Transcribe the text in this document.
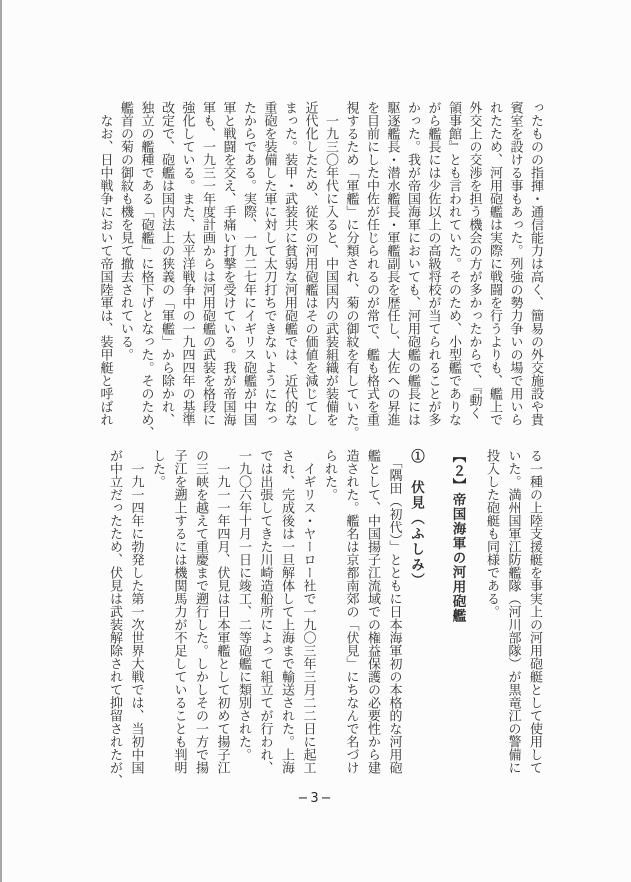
ったものの指揮・通信能力は高く、簡易の外交施設や貴
賓室を設ける事もあった。列強の勢力争いの場で用いら
れたため、河用砲艦は実際に戦闘を行うよりも、艦上で
外交上の交渉を担う機会の方が多かったからで、『動く
領事館』とも言われていた。そのため、小型艦でありな
がら艦長には少佐以上の高級将校が当てられることが多
かった。我が帝国海軍においても、河用砲艦の艦長には
駆逐艦長・潜水艦長・軍艦副長を歴任し、大佐への昇進
を目前にした中佐が任じられるのが常で、艦も格式を重
視するため「軍艦」に分類され、菊の御紋を有していた。
　一九三〇年代に入ると、中国国内の武装組織が装備を
近代化したため、従来の河用砲艦はその価値を減じてし
まった。装甲・武装共に貧弱な河用砲艦では、近代的な
重砲を装備した軍に対して太刀打ちできないようになっ
たからである。実際、一九二七年にイギリス砲艦が中国
軍と戦闘を交え、手痛い打撃を受けている。我が帝国海
軍も、一九三一年度計画からは河用砲艦の武装を格段に
強化している。また、太平洋戦争中の一九四四年の基準
改定で、砲艦は国内法上の狭義の「軍艦」から除かれ、
独立の艦種である「砲艦」に格下げとなった。そのため、
艦首の菊の御紋も機を見て撤去されている。
　なお、日中戦争において帝国陸軍は、装甲艇と呼ばれ
る一種の上陸支援艇を事実上の河用砲艇として使用して
いた。満州国軍江防艦隊（河川部隊）が黒竜江の警備に
投入した砲艇も同様である。
【２】帝国海軍の河用砲艦
①　伏見（ふしみ）
　「隅田（初代）」とともに日本海軍初の本格的な河用砲
艦として、中国揚子江流域での権益保護の必要性から建
造された。艦名は京都南郊の「伏見」にちなんで名づけ
られた。
　イギリス・ヤーロー社で一九〇三年三月二二日に起工
され、完成後は一旦解体して上海まで輸送された。上海
では出張してきた川崎造船所によって組立てが行われ、
一九〇六年十月一日に竣工、二等砲艦に類別された。
　一九一一年四月、伏見は日本軍艦として初めて揚子江
の三峡を越えて重慶まで遡行した。しかしその一方で揚
子江を遡上するには機関馬力が不足していることも判明
した。
　一九一四年に勃発した第一次世界大戦では、当初中国
が中立だったため、伏見は武装解除されて抑留されたが、
−3−
